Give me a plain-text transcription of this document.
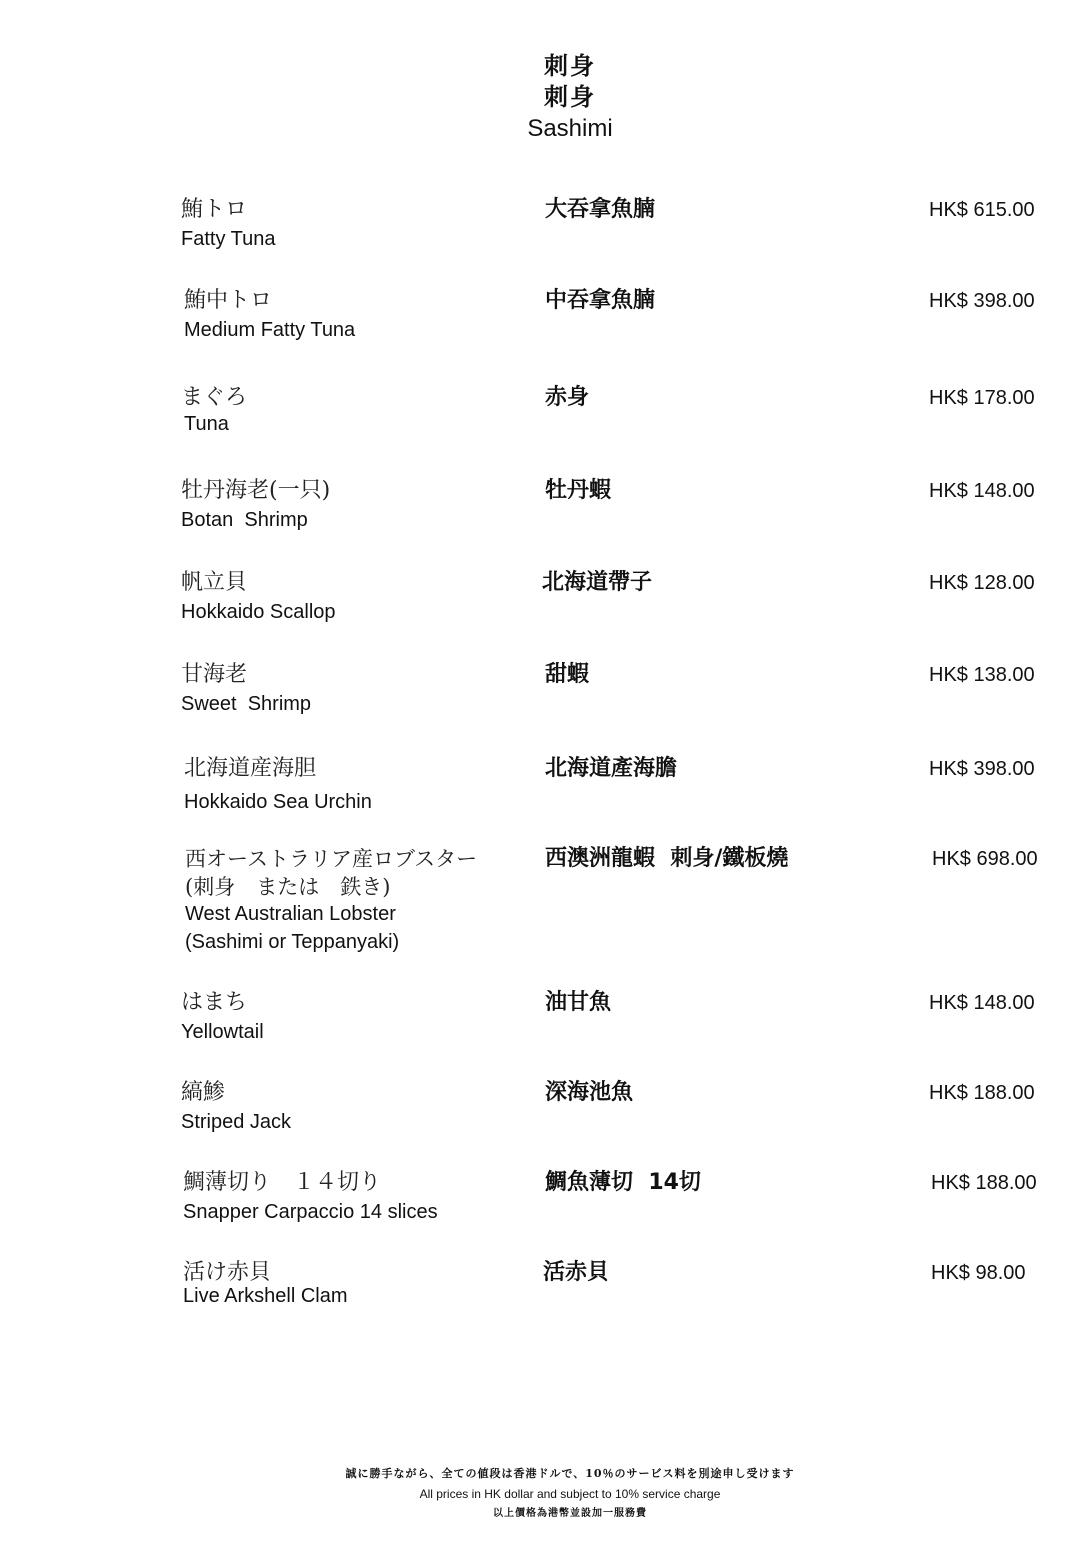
刺身
刺身
Sashimi
鮪トロ
Fatty Tuna
大吞拿魚腩	HK$ 615.00
鮪中トロ
Medium Fatty Tuna
中吞拿魚腩	HK$ 398.00
まぐろ
Tuna
赤身	HK$ 178.00
牡丹海老(一只)
Botan  Shrimp
牡丹蝦	HK$ 148.00
帆立貝
Hokkaido Scallop
北海道帶子	HK$ 128.00
甘海老
Sweet  Shrimp
甜蝦	HK$ 138.00
北海道産海胆
Hokkaido Sea Urchin
北海道產海膽	HK$ 398.00
西オーストラリア産ロブスター
(刺身　または　鉄き)
West Australian Lobster
(Sashimi or Teppanyaki)
西澳洲龍蝦  刺身/鐵板燒	HK$ 698.00
はまち
Yellowtail
油甘魚	HK$ 148.00
縞鯵
Striped Jack
深海池魚	HK$ 188.00
鯛薄切り　１４切り
Snapper Carpaccio 14 slices
鯛魚薄切  14切	HK$ 188.00
活け赤貝
Live Arkshell Clam
活赤貝	HK$ 98.00
誠に勝手ながら、全ての値段は香港ドルで、10％のサービス料を別途申し受けます
All prices in HK dollar and subject to 10% service charge
以上價格為港幣並設加一服務費
